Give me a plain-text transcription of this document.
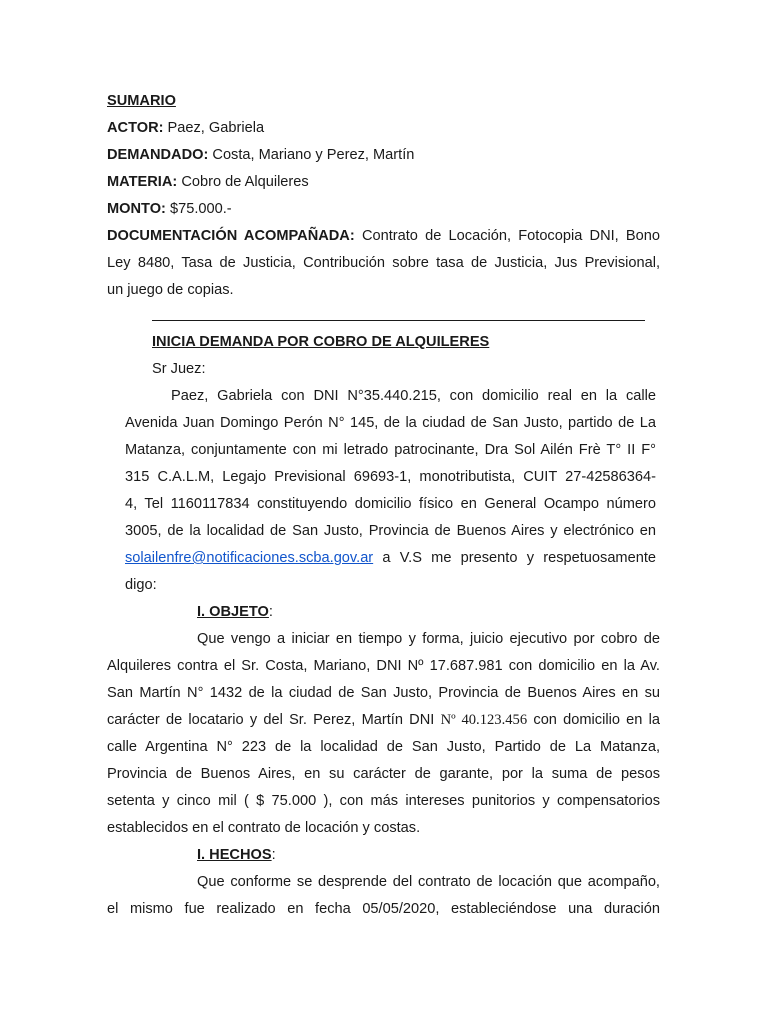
SUMARIO
ACTOR: Paez, Gabriela
DEMANDADO: Costa, Mariano y Perez, Martín
MATERIA: Cobro de Alquileres
MONTO: $75.000.-
DOCUMENTACIÓN ACOMPAÑADA: Contrato de Locación, Fotocopia DNI, Bono
Ley 8480, Tasa de Justicia, Contribución sobre tasa de Justicia, Jus Previsional,
un juego de copias.
INICIA DEMANDA POR COBRO DE ALQUILERES
Sr Juez:
Paez, Gabriela con DNI N°35.440.215, con domicilio real en la calle
Avenida Juan Domingo Perón N° 145, de la ciudad de San Justo, partido de La
Matanza, conjuntamente con mi letrado patrocinante, Dra Sol Ailén Frè T° II F°
315 C.A.L.M, Legajo Previsional 69693-1, monotributista, CUIT 27-42586364-
4, Tel 1160117834 constituyendo domicilio físico en General Ocampo número
3005, de la localidad de San Justo, Provincia de Buenos Aires y electrónico en
solailenfre@notificaciones.scba.gov.ar a V.S me presento y respetuosamente
digo:
I. OBJETO:
Que vengo a iniciar en tiempo y forma, juicio ejecutivo por cobro de
Alquileres contra el Sr. Costa, Mariano, DNI Nº 17.687.981 con domicilio en la Av.
San Martín N° 1432 de la ciudad de San Justo, Provincia de Buenos Aires en su
carácter de locatario y del Sr. Perez, Martín DNI Nº 40.123.456 con domicilio en la
calle Argentina N° 223 de la localidad de San Justo, Partido de La Matanza,
Provincia de Buenos Aires, en su carácter de garante, por la suma de pesos
setenta y cinco mil ( $ 75.000 ), con más intereses punitorios y compensatorios
establecidos en el contrato de locación y costas.
I. HECHOS:
Que conforme se desprende del contrato de locación que acompaño,
el mismo fue realizado en fecha 05/05/2020, estableciéndose una duración
